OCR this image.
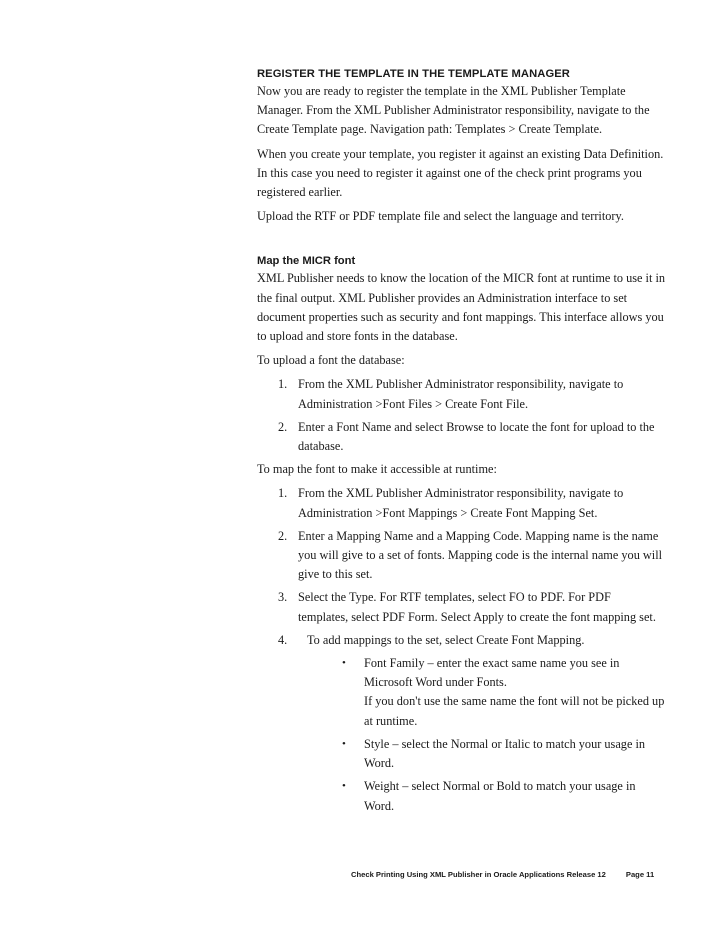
REGISTER THE TEMPLATE IN THE TEMPLATE MANAGER

Now you are ready to register the template in the XML Publisher Template
Manager. From the XML Publisher Administrator responsibility, navigate to the
Create Template page. Navigation path: Templates > Create Template.

When you create your template, you register it against an existing Data Definition.
In this case you need to register it against one of the check print programs you
registered earlier.

Upload the RTF or PDF template file and select the language and territory.

Map the MICR font

XML Publisher needs to know the location of the MICR font at runtime to use it in
the final output. XML Publisher provides an Administration interface to set
document properties such as security and font mappings. This interface allows you
to upload and store fonts in the database.

To upload a font the database:

1. From the XML Publisher Administrator responsibility, navigate to
Administration >Font Files > Create Font File.
2. Enter a Font Name and select Browse to locate the font for upload to the
database.

To map the font to make it accessible at runtime:

1. From the XML Publisher Administrator responsibility, navigate to
Administration >Font Mappings > Create Font Mapping Set.
2. Enter a Mapping Name and a Mapping Code. Mapping name is the name
you will give to a set of fonts. Mapping code is the internal name you will
give to this set.
3. Select the Type. For RTF templates, select FO to PDF. For PDF
templates, select PDF Form. Select Apply to create the font mapping set.
4. To add mappings to the set, select Create Font Mapping.
• Font Family – enter the exact same name you see in
Microsoft Word under Fonts.
If you don't use the same name the font will not be picked up
at runtime.
• Style – select the Normal or Italic to match your usage in
Word.
• Weight – select Normal or Bold to match your usage in
Word.
Check Printing Using XML Publisher in Oracle Applications Release 12	Page 11
